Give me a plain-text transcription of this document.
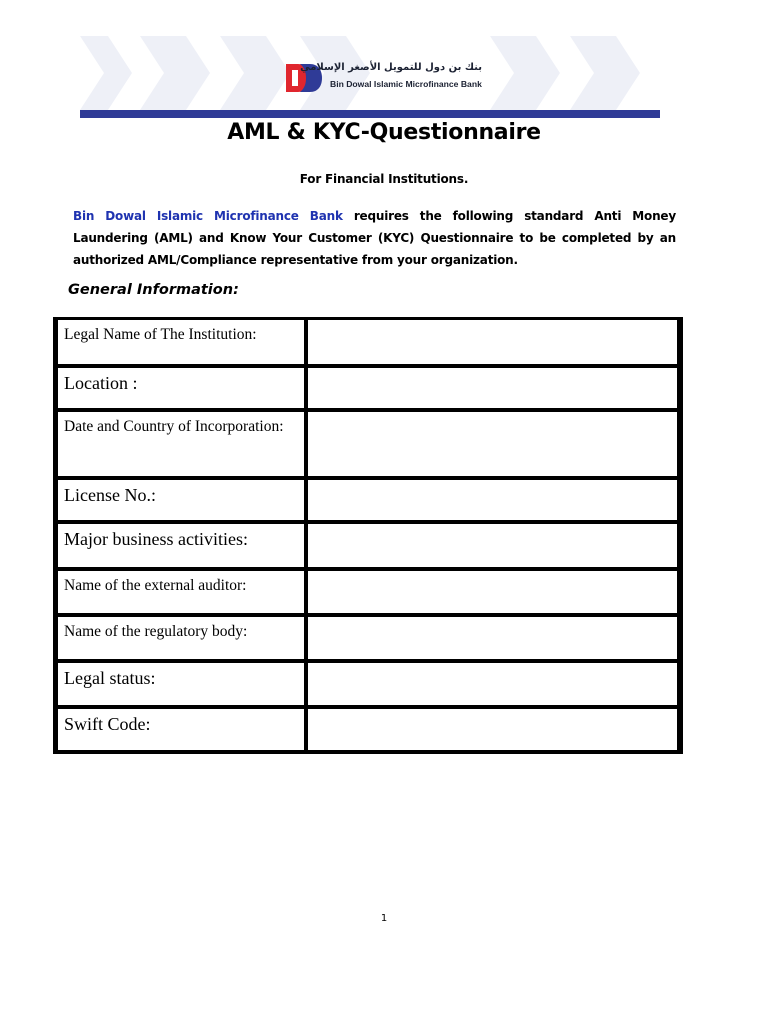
بنك بن دول للتمويل الأصغر الإسلامي
Bin Dowal Islamic Microfinance Bank
AML & KYC-Questionnaire
For Financial Institutions.
Bin Dowal Islamic Microfinance Bank requires the following standard Anti Money Laundering (AML) and Know Your Customer (KYC) Questionnaire to be completed by an authorized AML/Compliance representative from your organization.
General Information:
Legal Name of The Institution:	
Location :	
Date and Country of Incorporation:	
License No.:	
Major business activities:	
Name of the external auditor:	
Name of the regulatory body:	
Legal status:	
Swift Code:	
1
